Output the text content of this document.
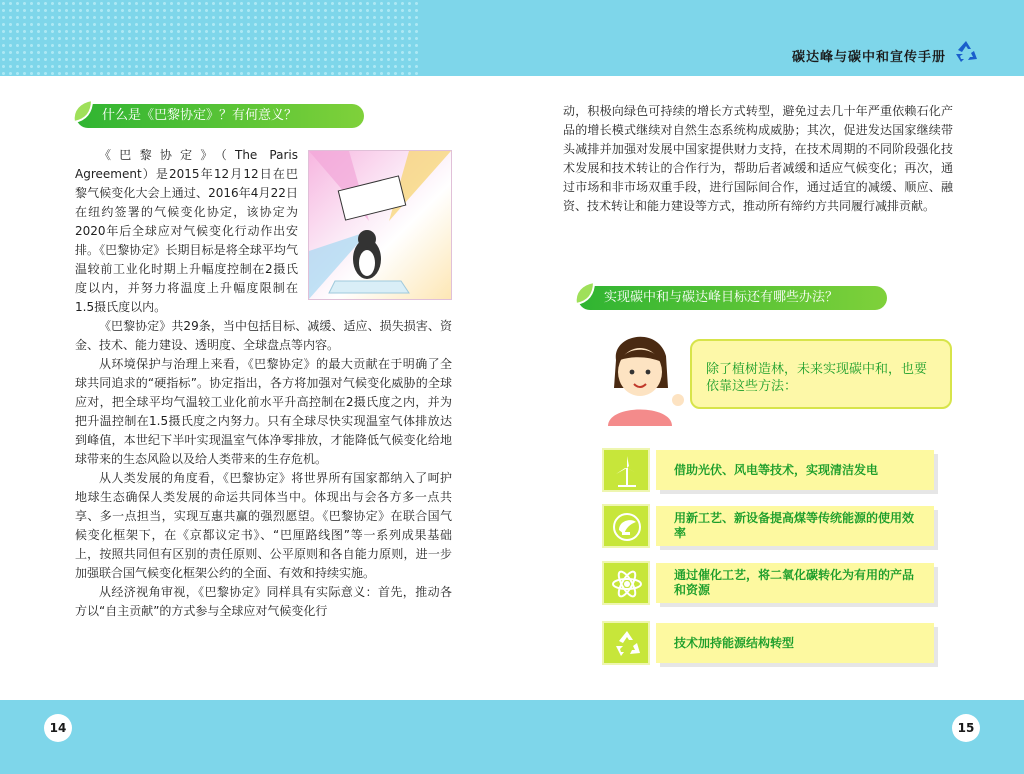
碳达峰与碳中和宣传手册
什么是《巴黎协定》？有何意义？

《巴黎协定》（The Paris Agreement）是2015年12月12日在巴黎气候变化大会上通过、2016年4月22日在纽约签署的气候变化协定，该协定为2020年后全球应对气候变化行动作出安排。《巴黎协定》长期目标是将全球平均气温较前工业化时期上升幅度控制在2摄氏度以内，并努力将温度上升幅度限制在1.5摄氏度以内。

《巴黎协定》共29条，当中包括目标、减缓、适应、损失损害、资金、技术、能力建设、透明度、全球盘点等内容。

从环境保护与治理上来看，《巴黎协定》的最大贡献在于明确了全球共同追求的“硬指标”。协定指出，各方将加强对气候变化威胁的全球应对，把全球平均气温较工业化前水平升高控制在2摄氏度之内，并为把升温控制在1.5摄氏度之内努力。只有全球尽快实现温室气体排放达到峰值，本世纪下半叶实现温室气体净零排放，才能降低气候变化给地球带来的生态风险以及给人类带来的生存危机。

从人类发展的角度看，《巴黎协定》将世界所有国家都纳入了呵护地球生态确保人类发展的命运共同体当中。体现出与会各方多一点共享、多一点担当，实现互惠共赢的强烈愿望。《巴黎协定》在联合国气候变化框架下，在《京都议定书》、“巴厘路线图”等一系列成果基础上，按照共同但有区别的责任原则、公平原则和各自能力原则，进一步加强联合国气候变化框架公约的全面、有效和持续实施。

从经济视角审视，《巴黎协定》同样具有实际意义：首先，推动各方以“自主贡献”的方式参与全球应对气候变化行

动，积极向绿色可持续的增长方式转型，避免过去几十年严重依赖石化产品的增长模式继续对自然生态系统构成威胁；其次，促进发达国家继续带头减排并加强对发展中国家提供财力支持，在技术周期的不同阶段强化技术发展和技术转让的合作行为，帮助后者减缓和适应气候变化；再次，通过市场和非市场双重手段，进行国际间合作，通过适宜的减缓、顺应、融资、技术转让和能力建设等方式，推动所有缔约方共同履行减排贡献。

实现碳中和与碳达峰目标还有哪些办法？
除了植树造林，未来实现碳中和，也要依靠这些方法：
借助光伏、风电等技术，实现清洁发电
用新工艺、新设备提高煤等传统能源的使用效率
通过催化工艺，将二氧化碳转化为有用的产品和资源
技术加持能源结构转型
14	15
